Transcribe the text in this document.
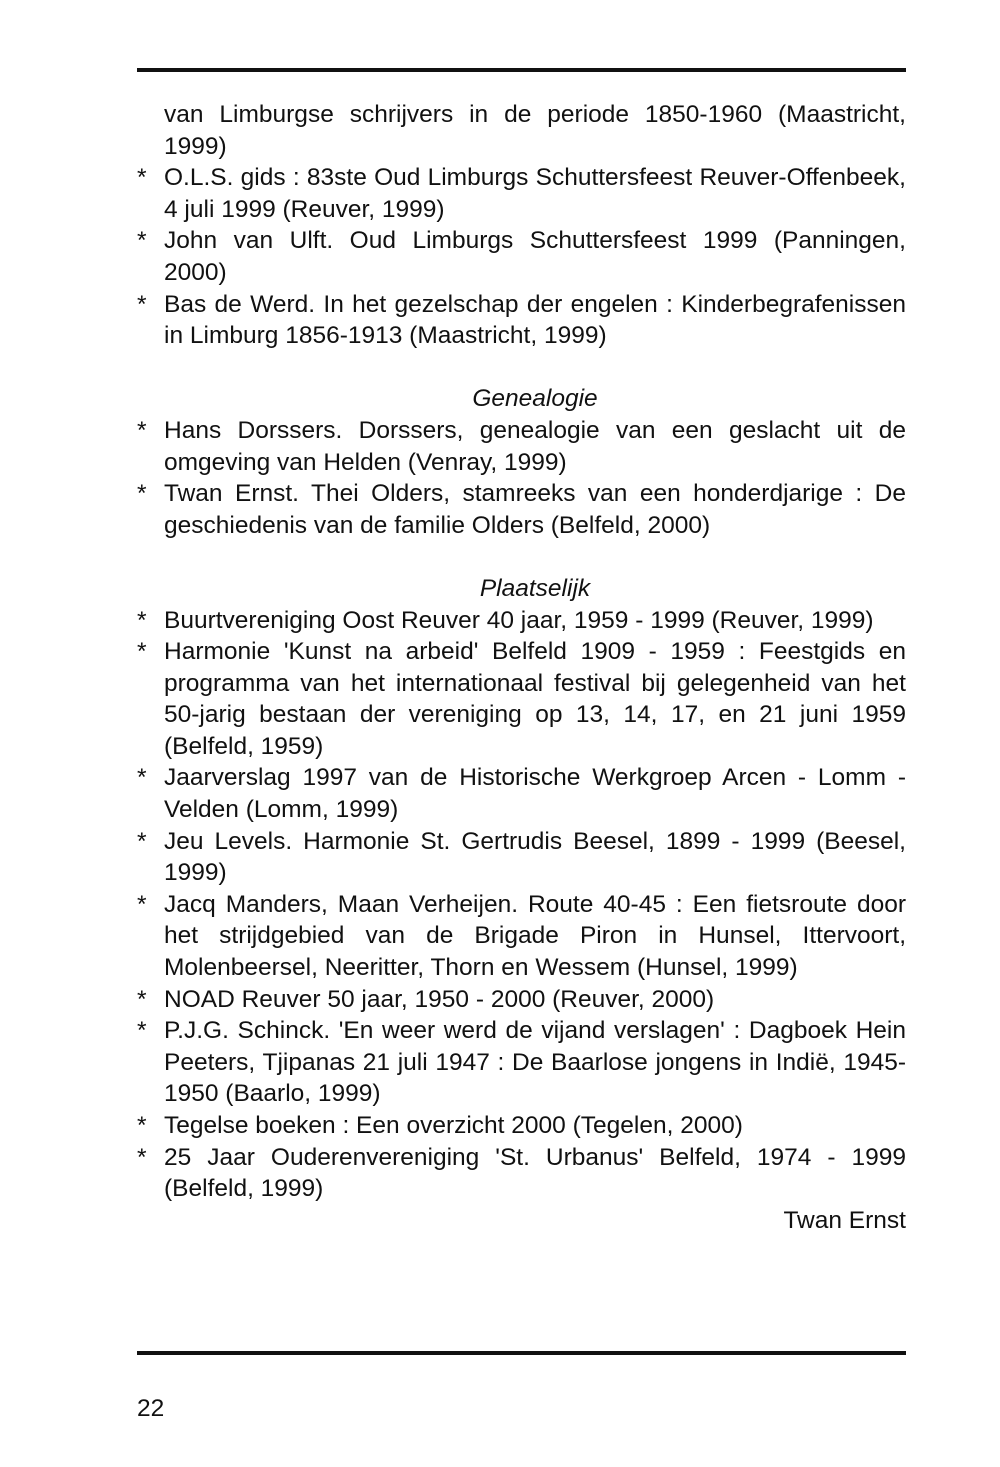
van Limburgse schrijvers in de periode 1850-1960 (Maastricht, 1999)

* O.L.S. gids : 83ste Oud Limburgs Schuttersfeest Reuver-Offenbeek, 4 juli 1999 (Reuver, 1999)

* John van Ulft. Oud Limburgs Schuttersfeest 1999 (Panningen, 2000)

* Bas de Werd. In het gezelschap der engelen : Kinderbegrafenissen in Limburg 1856-1913 (Maastricht, 1999)

Genealogie

* Hans Dorssers. Dorssers, genealogie van een geslacht uit de omgeving van Helden (Venray, 1999)

* Twan Ernst. Thei Olders, stamreeks van een honderdjarige : De geschiedenis van de familie Olders (Belfeld, 2000)

Plaatselijk

* Buurtvereniging Oost Reuver 40 jaar, 1959 - 1999 (Reuver, 1999)

* Harmonie 'Kunst na arbeid' Belfeld 1909 - 1959 : Feestgids en programma van het internationaal festival bij gelegenheid van het 50-jarig bestaan der vereniging op 13, 14, 17, en 21 juni 1959 (Belfeld, 1959)

* Jaarverslag 1997 van de Historische Werkgroep Arcen - Lomm - Velden (Lomm, 1999)

* Jeu Levels. Harmonie St. Gertrudis Beesel, 1899 - 1999 (Beesel, 1999)

* Jacq Manders, Maan Verheijen. Route 40-45 : Een fietsroute door het strijdgebied van de Brigade Piron in Hunsel, Ittervoort, Molenbeersel, Neeritter, Thorn en Wessem (Hunsel, 1999)

* NOAD Reuver 50 jaar, 1950 - 2000 (Reuver, 2000)

* P.J.G. Schinck. 'En weer werd de vijand verslagen' : Dagboek Hein Peeters, Tjipanas 21 juli 1947 : De Baarlose jongens in Indië, 1945-1950 (Baarlo, 1999)

* Tegelse boeken : Een overzicht 2000 (Tegelen, 2000)

* 25 Jaar Ouderenvereniging 'St. Urbanus' Belfeld, 1974 - 1999 (Belfeld, 1999)

Twan Ernst

22
